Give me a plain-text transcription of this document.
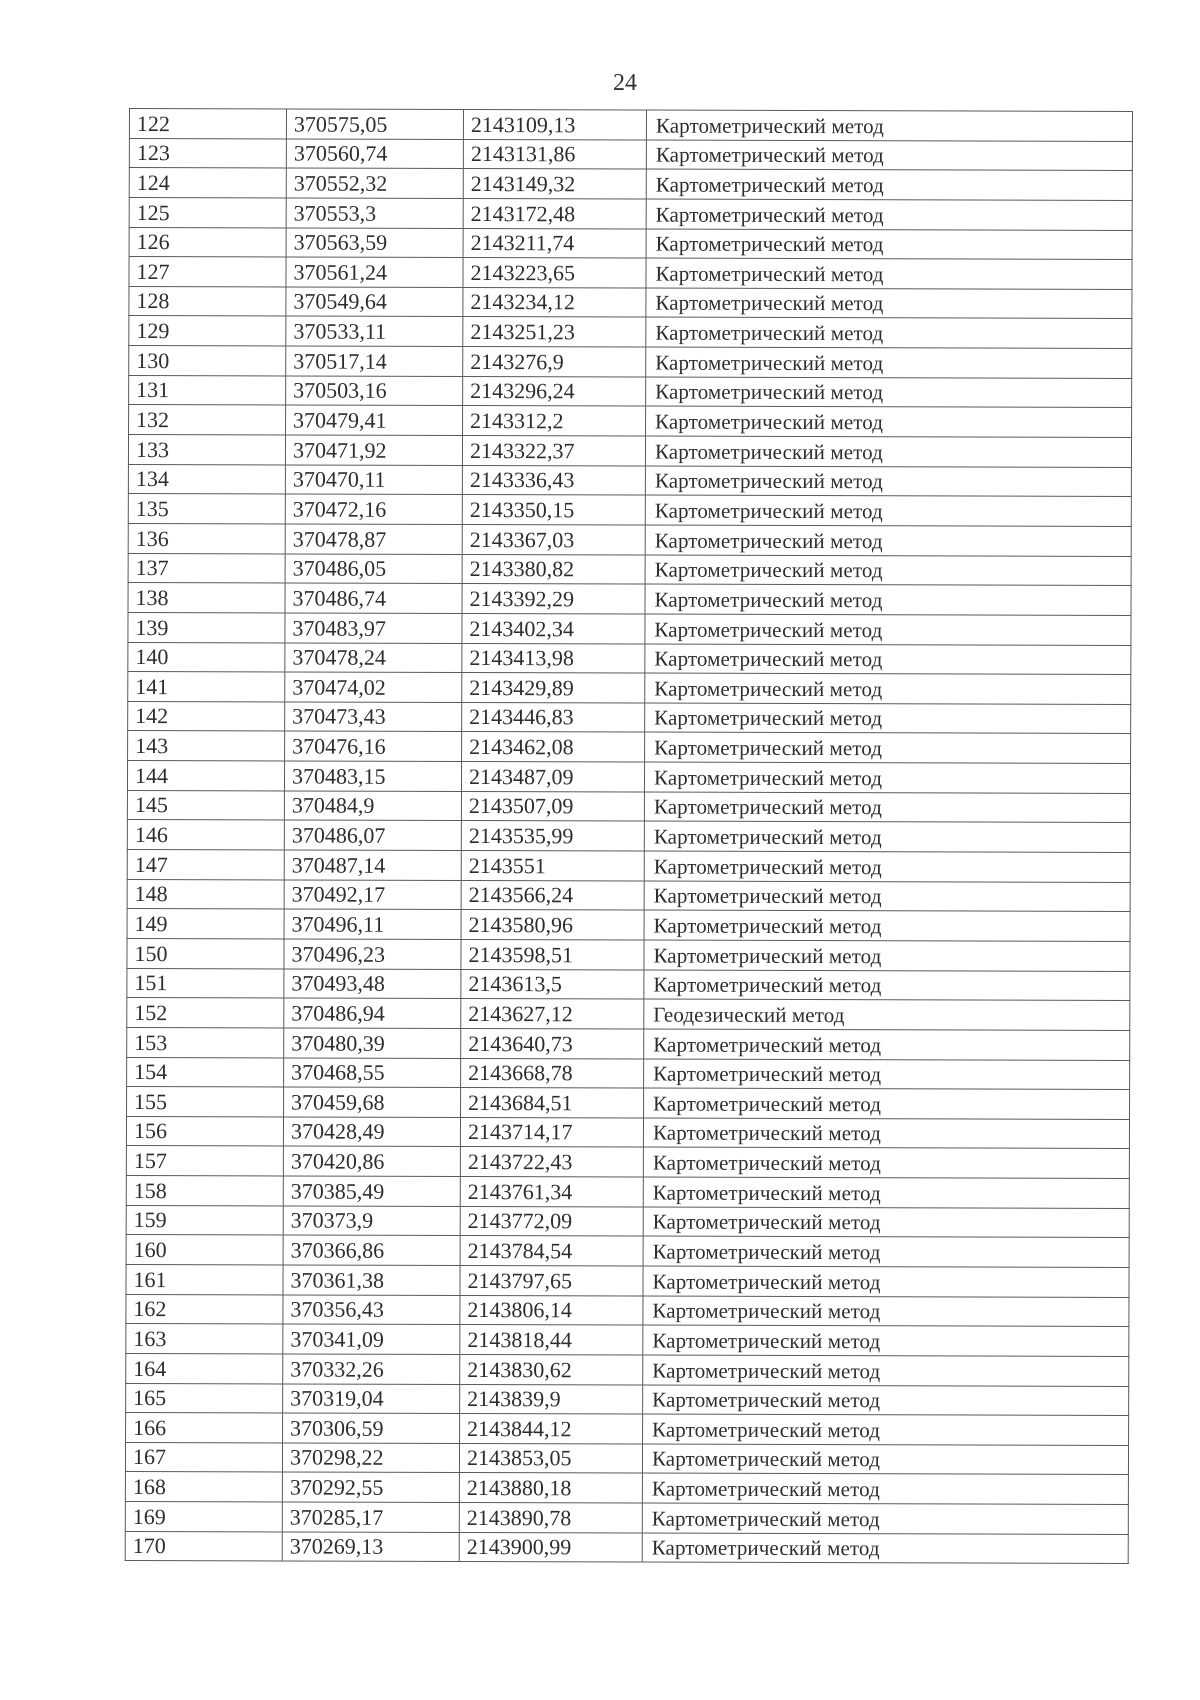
24
122	370575,05	2143109,13	Картометрический метод
123	370560,74	2143131,86	Картометрический метод
124	370552,32	2143149,32	Картометрический метод
125	370553,3	2143172,48	Картометрический метод
126	370563,59	2143211,74	Картометрический метод
127	370561,24	2143223,65	Картометрический метод
128	370549,64	2143234,12	Картометрический метод
129	370533,11	2143251,23	Картометрический метод
130	370517,14	2143276,9	Картометрический метод
131	370503,16	2143296,24	Картометрический метод
132	370479,41	2143312,2	Картометрический метод
133	370471,92	2143322,37	Картометрический метод
134	370470,11	2143336,43	Картометрический метод
135	370472,16	2143350,15	Картометрический метод
136	370478,87	2143367,03	Картометрический метод
137	370486,05	2143380,82	Картометрический метод
138	370486,74	2143392,29	Картометрический метод
139	370483,97	2143402,34	Картометрический метод
140	370478,24	2143413,98	Картометрический метод
141	370474,02	2143429,89	Картометрический метод
142	370473,43	2143446,83	Картометрический метод
143	370476,16	2143462,08	Картометрический метод
144	370483,15	2143487,09	Картометрический метод
145	370484,9	2143507,09	Картометрический метод
146	370486,07	2143535,99	Картометрический метод
147	370487,14	2143551	Картометрический метод
148	370492,17	2143566,24	Картометрический метод
149	370496,11	2143580,96	Картометрический метод
150	370496,23	2143598,51	Картометрический метод
151	370493,48	2143613,5	Картометрический метод
152	370486,94	2143627,12	Геодезический метод
153	370480,39	2143640,73	Картометрический метод
154	370468,55	2143668,78	Картометрический метод
155	370459,68	2143684,51	Картометрический метод
156	370428,49	2143714,17	Картометрический метод
157	370420,86	2143722,43	Картометрический метод
158	370385,49	2143761,34	Картометрический метод
159	370373,9	2143772,09	Картометрический метод
160	370366,86	2143784,54	Картометрический метод
161	370361,38	2143797,65	Картометрический метод
162	370356,43	2143806,14	Картометрический метод
163	370341,09	2143818,44	Картометрический метод
164	370332,26	2143830,62	Картометрический метод
165	370319,04	2143839,9	Картометрический метод
166	370306,59	2143844,12	Картометрический метод
167	370298,22	2143853,05	Картометрический метод
168	370292,55	2143880,18	Картометрический метод
169	370285,17	2143890,78	Картометрический метод
170	370269,13	2143900,99	Картометрический метод
